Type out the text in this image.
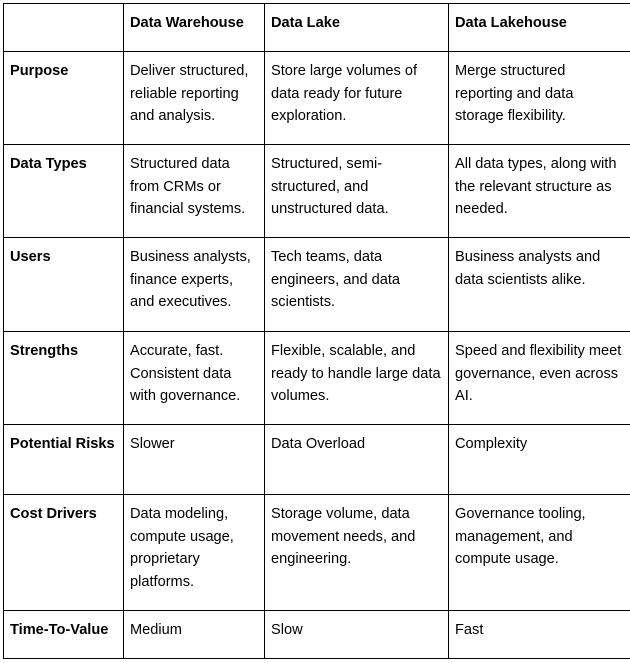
	Data Warehouse	Data Lake	Data Lakehouse
Purpose	Deliver structured, reliable reporting and analysis.	Store large volumes of data ready for future exploration.	Merge structured reporting and data storage flexibility.
Data Types	Structured data from CRMs or financial systems.	Structured, semi-structured, and unstructured data.	All data types, along with the relevant structure as needed.
Users	Business analysts, finance experts, and executives.	Tech teams, data engineers, and data scientists.	Business analysts and data scientists alike.
Strengths	Accurate, fast. Consistent data with governance.	Flexible, scalable, and ready to handle large data volumes.	Speed and flexibility meet governance, even across AI.
Potential Risks	Slower	Data Overload	Complexity
Cost Drivers	Data modeling, compute usage, proprietary platforms.	Storage volume, data movement needs, and engineering.	Governance tooling, management, and compute usage.
Time-To-Value	Medium	Slow	Fast
